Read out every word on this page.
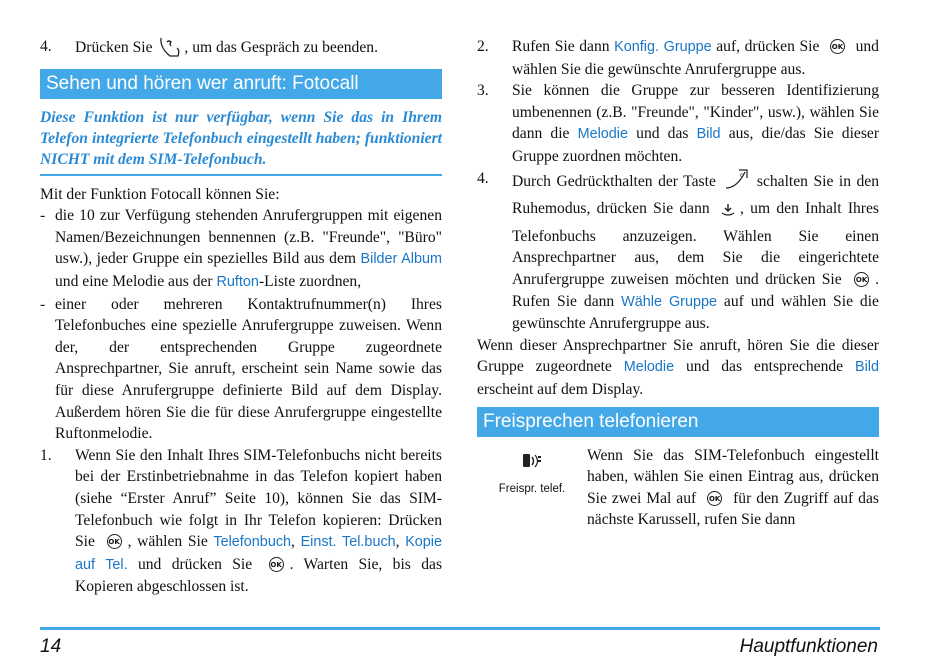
4. Drücken Sie , um das Gespräch zu beenden.
Sehen und hören wer anruft: Fotocall

Diese Funktion ist nur verfügbar, wenn Sie das in Ihrem Telefon integrierte Telefonbuch eingestellt haben; funktioniert NICHT mit dem SIM-Telefonbuch.

Mit der Funktion Fotocall können Sie:

- die 10 zur Verfügung stehenden Anrufergruppen mit eigenen Namen/Bezeichnungen bennennen (z.B. "Freunde", "Büro" usw.), jeder Gruppe ein spezielles Bild aus dem Bilder Album und eine Melodie aus der Rufton-Liste zuordnen,
- einer oder mehreren Kontaktrufnummer(n) Ihres Telefonbuches eine spezielle Anrufergruppe zuweisen. Wenn der, der entsprechenden Gruppe zugeordnete Ansprechpartner, Sie anruft, erscheint sein Name sowie das für diese Anrufergruppe definierte Bild auf dem Display. Außerdem hören Sie die für diese Anrufergruppe eingestellte Ruftonmelodie.
1. Wenn Sie den Inhalt Ihres SIM-Telefonbuchs nicht bereits bei der Erstinbetriebnahme in das Telefon kopiert haben (siehe “Erster Anruf” Seite 10), können Sie das SIM-Telefonbuch wie folgt in Ihr Telefon kopieren: Drücken Sie OK , wählen Sie Telefonbuch, Einst. Tel.buch, Kopie auf Tel. und drücken Sie	OK . Warten Sie, bis das Kopieren abgeschlossen ist.
2. Rufen Sie dann Konfig. Gruppe auf, drücken Sie OK und wählen Sie die gewünschte Anrufergruppe aus.
3. Sie können die Gruppe zur besseren Identifizierung umbenennen (z.B. "Freunde", "Kinder", usw.), wählen Sie dann die Melodie und das Bild aus, die/das Sie dieser Gruppe zuordnen möchten.
4. Durch Gedrückthalten der Taste	c schalten Sie in den Ruhemodus, drücken Sie dann , um den Inhalt Ihres Telefonbuchs anzuzeigen. Wählen Sie einen Ansprechpartner aus, dem Sie die eingerichtete Anrufergruppe zuweisen möchten und drücken Sie OK . Rufen Sie dann Wähle Gruppe auf und wählen Sie die gewünschte Anrufergruppe aus.

Wenn dieser Ansprechpartner Sie anruft, hören Sie die dieser Gruppe zugeordnete Melodie und das entsprechende Bild erscheint auf dem Display.

Freisprechen telefonieren
Freispr. telef.

Wenn Sie das SIM-Telefonbuch eingestellt haben, wählen Sie einen Eintrag aus, drücken Sie zwei Mal auf OK für den Zugriff auf das nächste Karussell, rufen Sie dann

14	Hauptfunktionen
